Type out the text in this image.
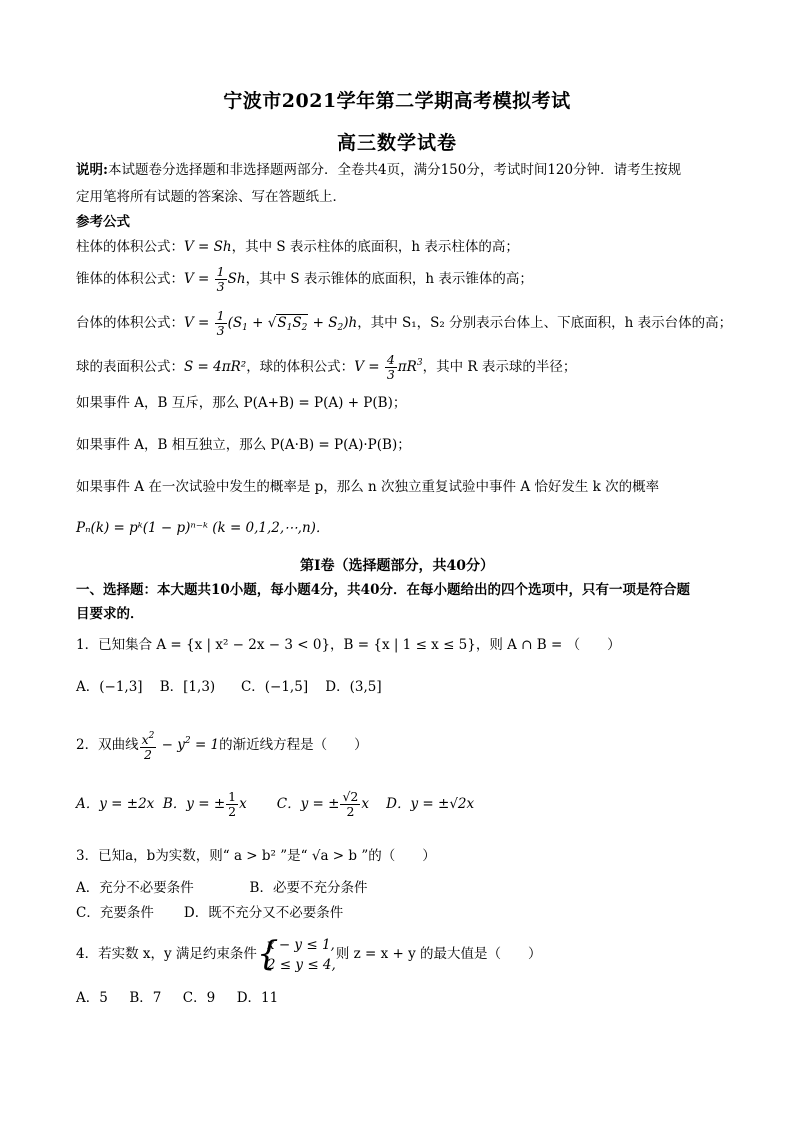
宁波市2021学年第二学期高考模拟考试
高三数学试卷
说明:本试题卷分选择题和非选择题两部分．全卷共4页，满分150分，考试时间120分钟．请考生按规
定用笔将所有试题的答案涂、写在答题纸上．
参考公式
柱体的体积公式：V = Sh，其中 S 表示柱体的底面积，h 表示柱体的高；
锥体的体积公式：$V = \frac{1}{3}$ Sh，其中 S 表示锥体的底面积，h 表示锥体的高；
台体的体积公式：$V = \frac{1}{3} (S_1 + √S_1S_2 + S_2)h$，其中 S₁，S₂ 分别表示台体上、下底面积，h 表示台体的高；
球的表面积公式：S = 4πR²，球的体积公式：$V = \frac{4}{3} \pi R^3$，其中 R 表示球的半径；
如果事件 A，B 互斥，那么 P(A+B) = P(A) + P(B)；
如果事件 A，B 相互独立，那么 P(A·B) = P(A)·P(B)；
如果事件 A 在一次试验中发生的概率是 p，那么 n 次独立重复试验中事件 A 恰好发生 k 次的概率
Pₙ(k) = pᵏ(1 − p)ⁿ⁻ᵏ (k = 0,1,2,⋯,n)．
第Ⅰ卷（选择题部分，共40分）
一、选择题：本大题共10小题，每小题4分，共40分．在每小题给出的四个选项中，只有一项是符合题
目要求的．
1．已知集合 A = {x | x² − 2x − 3 < 0}，B = {x | 1 ≤ x ≤ 5}，则 A ∩ B = （　　）
A．(−1,3] B．[1,3) C．(−1,5] D．(3,5]
2．双曲线 $\frac{x^2}{2} - y^2 = 1$的渐近线方程是（　　）
A．y = ±2x B．y = ± $\frac{1}{2}$ x C．y = ± $\frac{√2}{2}$ x D．y = ±√2x
3．已知a，b为实数，则“ a > b² ”是“ √a > b ”的（　　）
A．充分不必要条件	B．必要不充分条件
C．充要条件 D．既不充分又不必要条件
4．若实数 x，y 满足约束条件 {
x − y ≤ 1,
2 ≤ y ≤ 4,
则 z = x + y 的最大值是（　　）
A．5 B．7 C．9 D．11
